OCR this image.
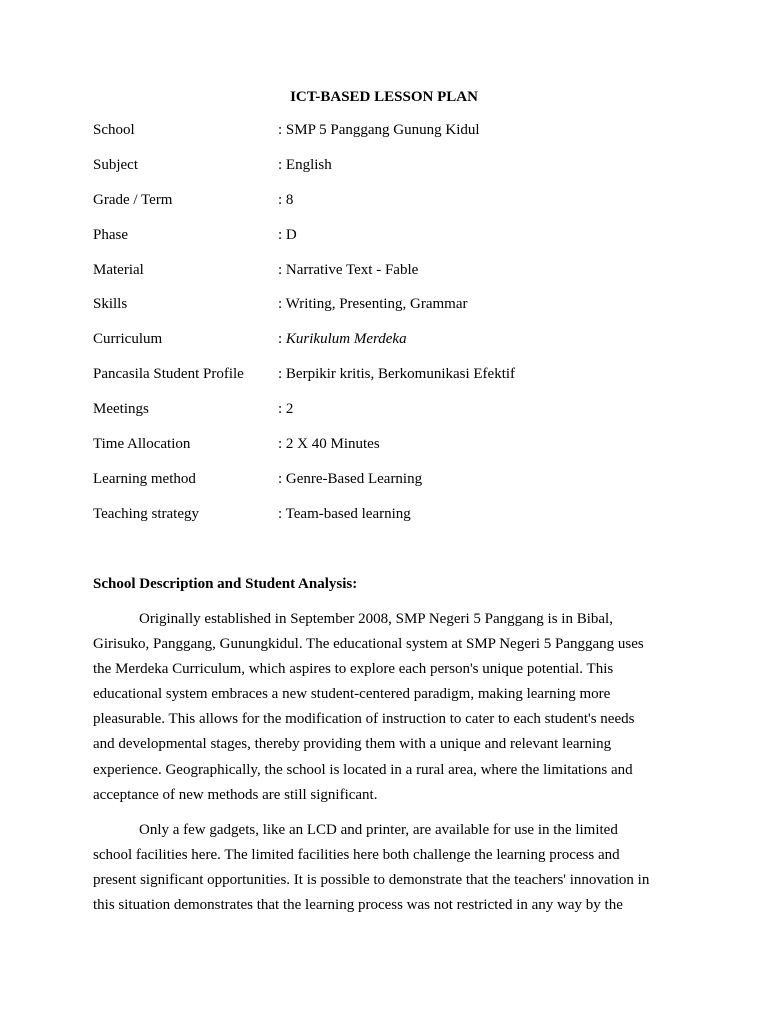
ICT-BASED LESSON PLAN
School	: SMP 5 Panggang Gunung Kidul
Subject	: English
Grade / Term	: 8
Phase	: D
Material	: Narrative Text - Fable
Skills	: Writing, Presenting, Grammar
Curriculum	: Kurikulum Merdeka
Pancasila Student Profile : Berpikir kritis, Berkomunikasi Efektif
Meetings	: 2
Time Allocation	: 2 X 40 Minutes
Learning method	: Genre-Based Learning
Teaching strategy	: Team-based learning
School Description and Student Analysis:
Originally established in September 2008, SMP Negeri 5 Panggang is in Bibal,
Girisuko, Panggang, Gunungkidul. The educational system at SMP Negeri 5 Panggang uses
the Merdeka Curriculum, which aspires to explore each person's unique potential. This
educational system embraces a new student-centered paradigm, making learning more
pleasurable. This allows for the modification of instruction to cater to each student's needs
and developmental stages, thereby providing them with a unique and relevant learning
experience. Geographically, the school is located in a rural area, where the limitations and
acceptance of new methods are still significant.
Only a few gadgets, like an LCD and printer, are available for use in the limited
school facilities here. The limited facilities here both challenge the learning process and
present significant opportunities. It is possible to demonstrate that the teachers' innovation in
this situation demonstrates that the learning process was not restricted in any way by the
